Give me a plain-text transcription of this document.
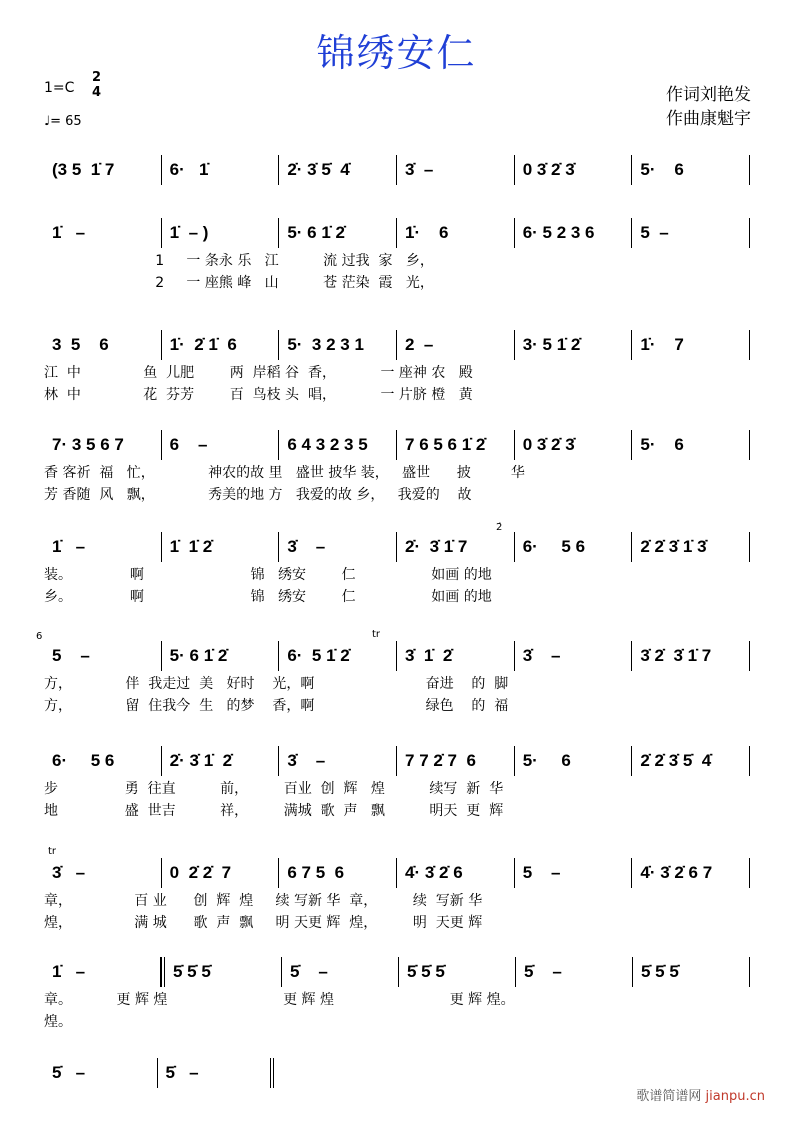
锦绣安仁
1=C
2
4
♩= 65
作词刘艳发
作曲康魁宇
(3 5  1̇ 7	6·   1̇	2̇· 3̇ 5̇  4̇	3̇  –	0 3̇ 2̇ 3̇	5·    6
1̇   –	1̇  – )	5· 6 1̇ 2̇	1̇·    6	6· 5 2 3 6	5  –
1     一 条永 乐   江          流 过我  家   乡，
2     一 座熊 峰   山          苍 茫染  霞   光，
3  5    6	1̇·  2̇ 1̇  6	5·  3 2 3 1	2  –	3· 5 1̇ 2̇	1̇·    7
江  中              鱼  儿肥        两  岸稻 谷  香，          一 座神 农   殿
林  中              花  芬芳        百  鸟枝 头  唱，          一 片脐 橙   黄
7· 3 5 6 7	6    –	6 4 3 2 3 5	7 6 5 6 1̇ 2̇	0 3̇ 2̇ 3̇	5·    6
香 客祈  福   忙，            神农的故 里   盛世 披华 装，   盛世      披         华
芳 香随  风   飘，            秀美的地 方   我爱的故 乡，   我爱的    故
1̇   –	1̇  1̇ 2̇	3̇    –	2̇·  3̇ 1̇ 7	6·     5 6	2̇ 2̇ 3̇ 1̇ 3̇
2̇
装。             啊                        锦   绣安        仁                 如画 的地
乡。             啊                        锦   绣安        仁                 如画 的地
5    –	5· 6 1̇ 2̇	6·  5 1̇ 2̇	3̇  1̇  2̇	3̇    –	3̇ 2̇  3̇ 1̇ 7
6	tr
方，            伴  我走过  美   好时    光，啊                         奋进    的  脚
方，            留  住我今  生   的梦    香，啊                         绿色    的  福
6·     5 6	2̇· 3̇ 1̇  2̇	3̇    –	7 7 2̇ 7  6	5·     6	2̇ 2̇ 3̇ 5̇  4̇
步               勇  往直          前，        百业  创  辉   煌          续写  新  华
地               盛  世吉          祥，        满城  歌  声   飘          明天  更  辉
3̇   –	0  2̇ 2̇  7	6 7 5  6	4̇· 3̇ 2̇ 6	5    –	4̇· 3̇ 2̇ 6 7
tr
章，              百 业      创  辉  煌     续 写新 华  章，        续  写新 华
煌，              满 城      歌  声  飘     明 天更 辉  煌，        明  天更 辉
1̇   –	5̇ 5̇ 5̇	5̇    –	5̇ 5̇ 5̇	5̇    –	5̇ 5̇ 5̇
章。          更 辉 煌                          更 辉 煌                          更 辉 煌。
煌。
5̇   –	5̇   –
歌谱简谱网 jianpu.cn
